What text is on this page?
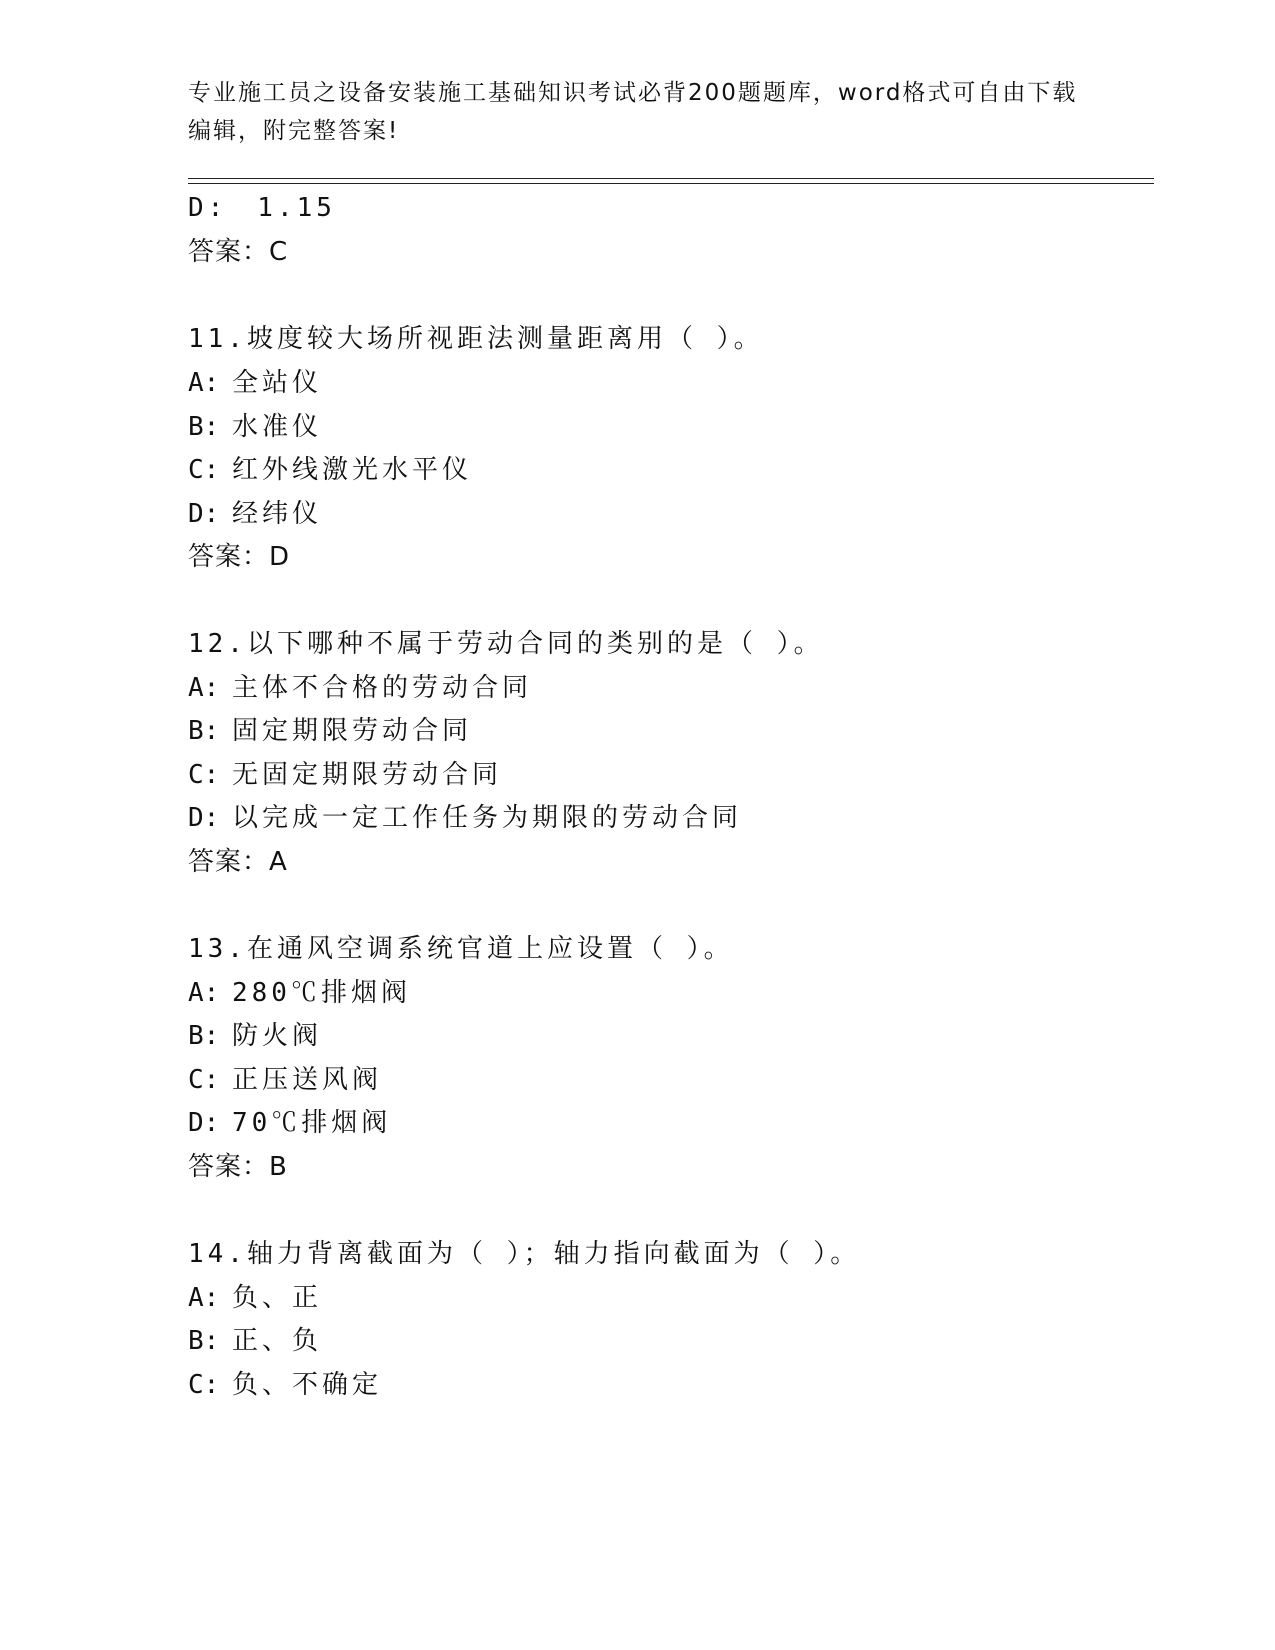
专业施工员之设备安装施工基础知识考试必背200题题库，word格式可自由下载编辑，附完整答案!
D:　1.15
答案：C
11.坡度较大场所视距法测量距离用（ ）。
A: 全站仪
B: 水准仪
C: 红外线激光水平仪
D: 经纬仪
答案：D
12.以下哪种不属于劳动合同的类别的是（ ）。
A: 主体不合格的劳动合同
B: 固定期限劳动合同
C: 无固定期限劳动合同
D: 以完成一定工作任务为期限的劳动合同
答案：A
13.在通风空调系统官道上应设置（ ）。
A: 280℃排烟阀
B: 防火阀
C: 正压送风阀
D: 70℃排烟阀
答案：B
14.轴力背离截面为（ ）；轴力指向截面为（ ）。
A: 负、正
B: 正、负
C: 负、不确定
